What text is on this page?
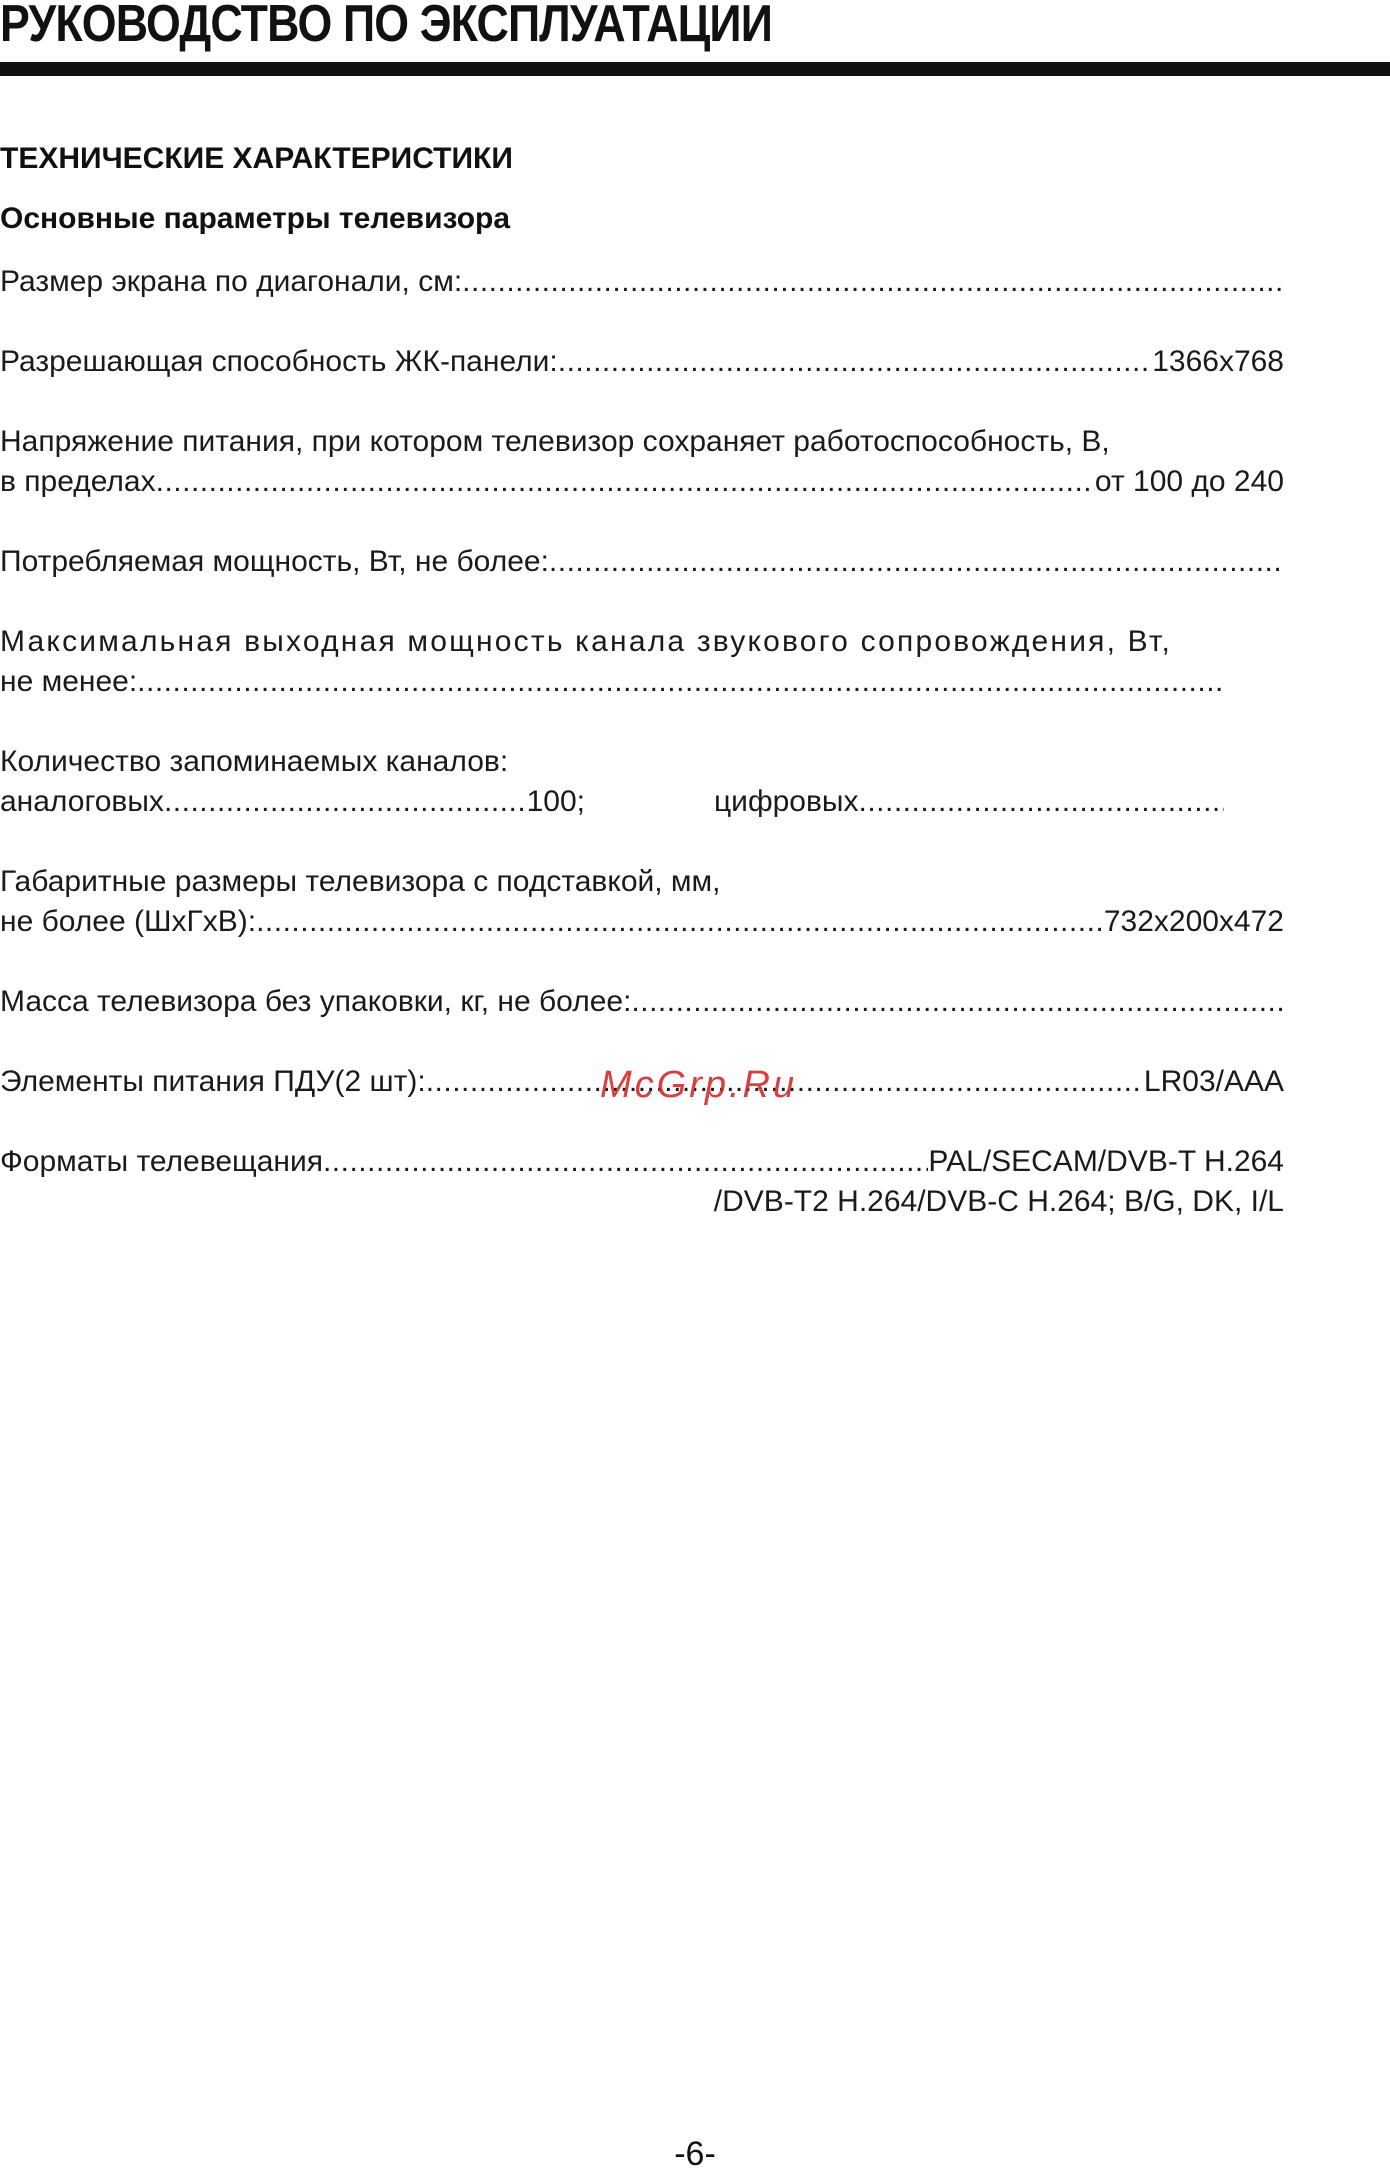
РУКОВОДСТВО ПО ЭКСПЛУАТАЦИИ
ТЕХНИЧЕСКИЕ ХАРАКТЕРИСТИКИ
Основные параметры телевизора
Размер экрана по диагонали, см:
.....
Разрешающая способность ЖК-панели: .....	1366x768
Напряжение питания, при котором телевизор сохраняет работоспособность, В,
в пределах .....	от 100 до 240
Потребляемая мощность, Вт, не более:
.....
Максимальная выходная мощность канала звукового сопровождения, Вт,
не менее:
.....
Количество запоминаемых каналов:
аналоговых .....	100;	цифровых
.....
Габаритные размеры телевизора с подставкой, мм,
не более (ШхГхВ): .....	732x200x472
Масса телевизора без упаковки, кг, не более:
.....
Элементы питания ПДУ(2 шт): .....	LR03/AAA
McGrp.Ru
Форматы телевещания .....	PAL/SECAM/DVB-T H.264
/DVB-T2 H.264/DVB-C H.264; B/G, DK, I/L
-6-
